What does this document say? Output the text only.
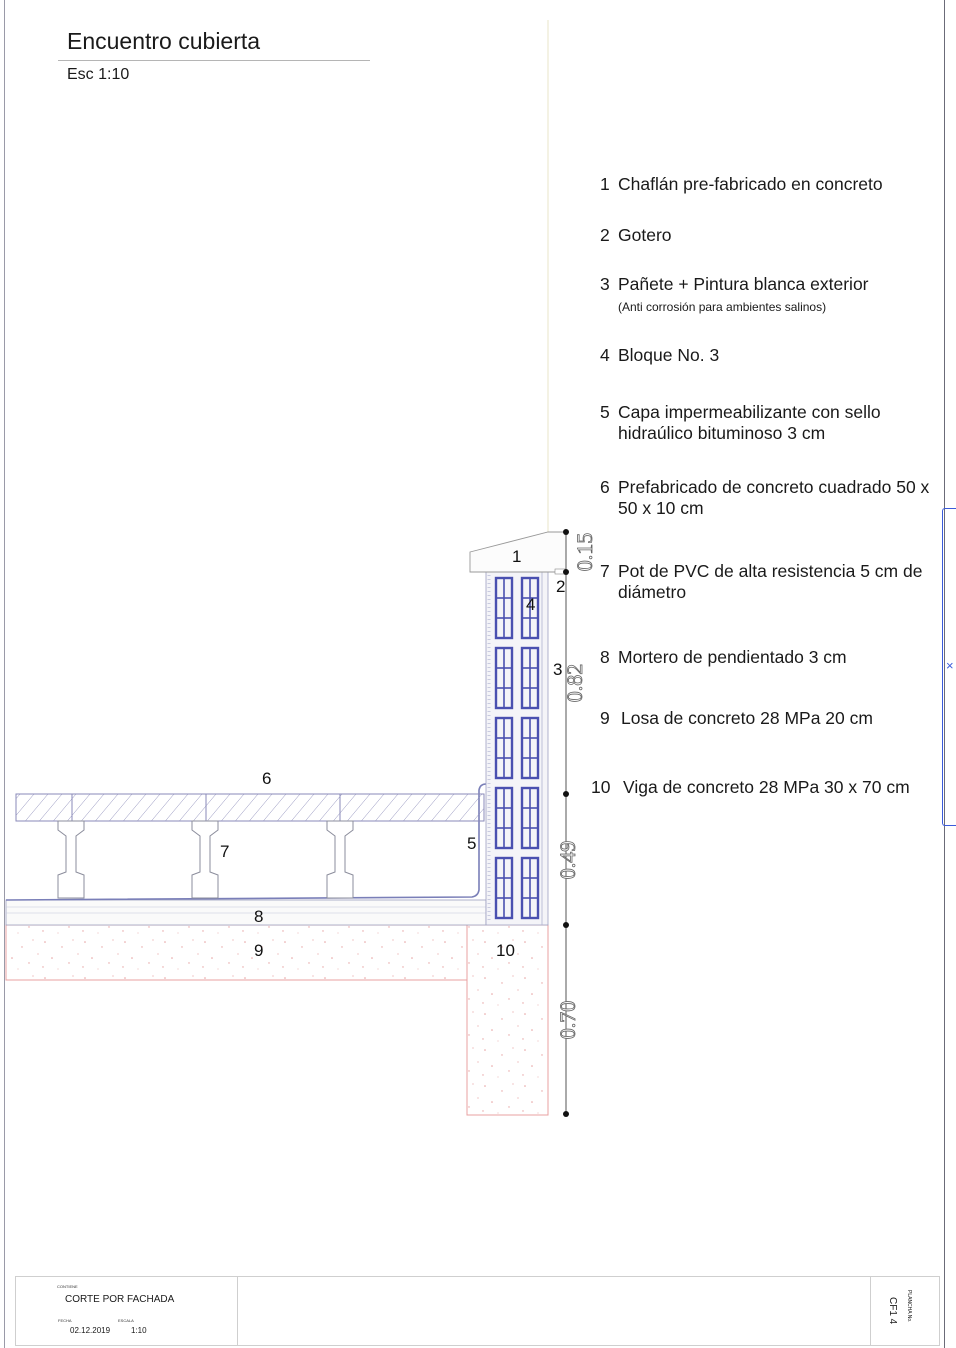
Encuentro cubierta
Esc 1:10
1 Chaflán pre-fabricado en concreto
2 Gotero
3 Pañete + Pintura blanca exterior
(Anti corrosión para ambientes salinos)
4 Bloque No. 3
5 Capa impermeabilizante con sello hidraúlico bituminoso 3 cm
6 Prefabricado de concreto cuadrado 50 x 50 x 10 cm
7 Pot de PVC de alta resistencia 5 cm de diámetro
8 Mortero de pendientado 3 cm
9 Losa de concreto 28 MPa 20 cm
10 Viga de concreto 28 MPa 30 x 70 cm
0.15
0.82
0.49
0.70
1
2
3
4
5
6
7
8
9	10
CONTIENE
CORTE POR FACHADA
FECHA
02.12.2019
ESCALA
1:10
CF1 4 PLANCHA No.
×
